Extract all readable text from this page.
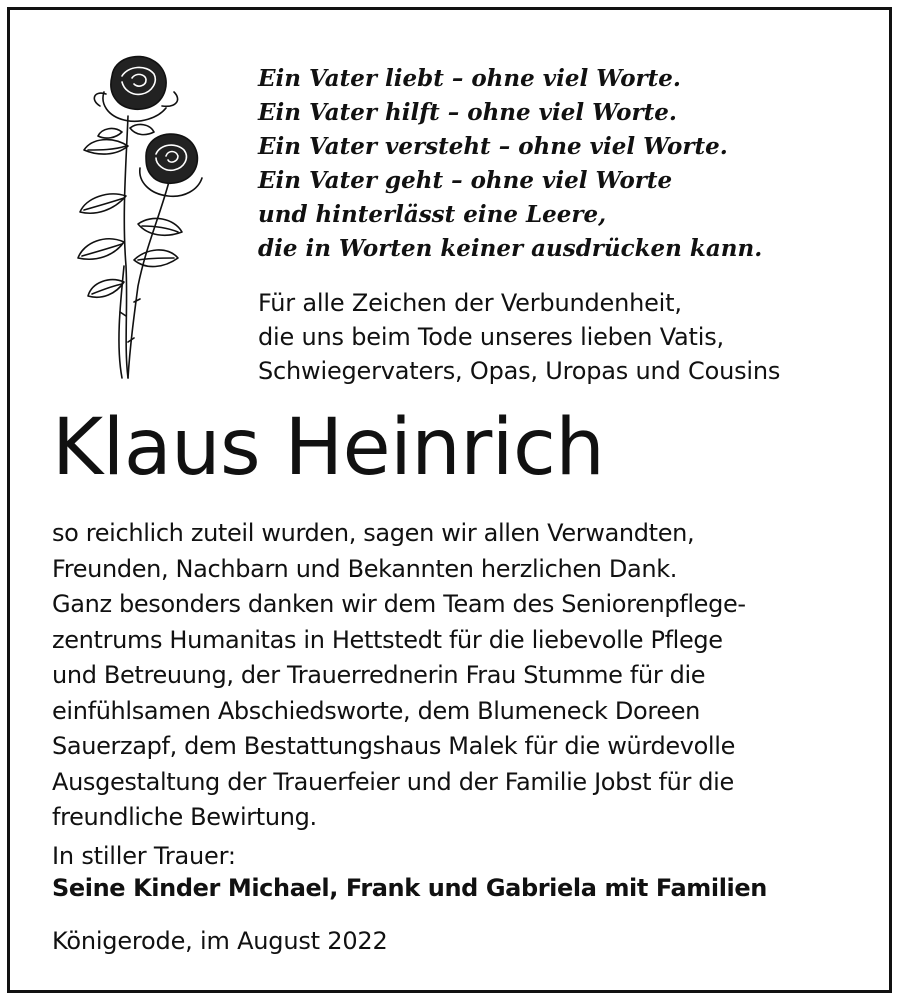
Ein Vater liebt – ohne viel Worte.
Ein Vater hilft – ohne viel Worte.
Ein Vater versteht – ohne viel Worte.
Ein Vater geht – ohne viel Worte
und hinterlässt eine Leere,
die in Worten keiner ausdrücken kann.
Für alle Zeichen der Verbundenheit,
die uns beim Tode unseres lieben Vatis,
Schwiegervaters, Opas, Uropas und Cousins
Klaus Heinrich
so reichlich zuteil wurden, sagen wir allen Verwandten,
Freunden, Nachbarn und Bekannten herzlichen Dank.
Ganz besonders danken wir dem Team des Seniorenpflege-
zentrums Humanitas in Hettstedt für die liebevolle Pflege
und Betreuung, der Trauerrednerin Frau Stumme für die
einfühlsamen Abschiedsworte, dem Blumeneck Doreen
Sauerzapf, dem Bestattungshaus Malek für die würdevolle
Ausgestaltung der Trauerfeier und der Familie Jobst für die
freundliche Bewirtung.
In stiller Trauer:
Seine Kinder Michael, Frank und Gabriela mit Familien
Königerode, im August 2022
